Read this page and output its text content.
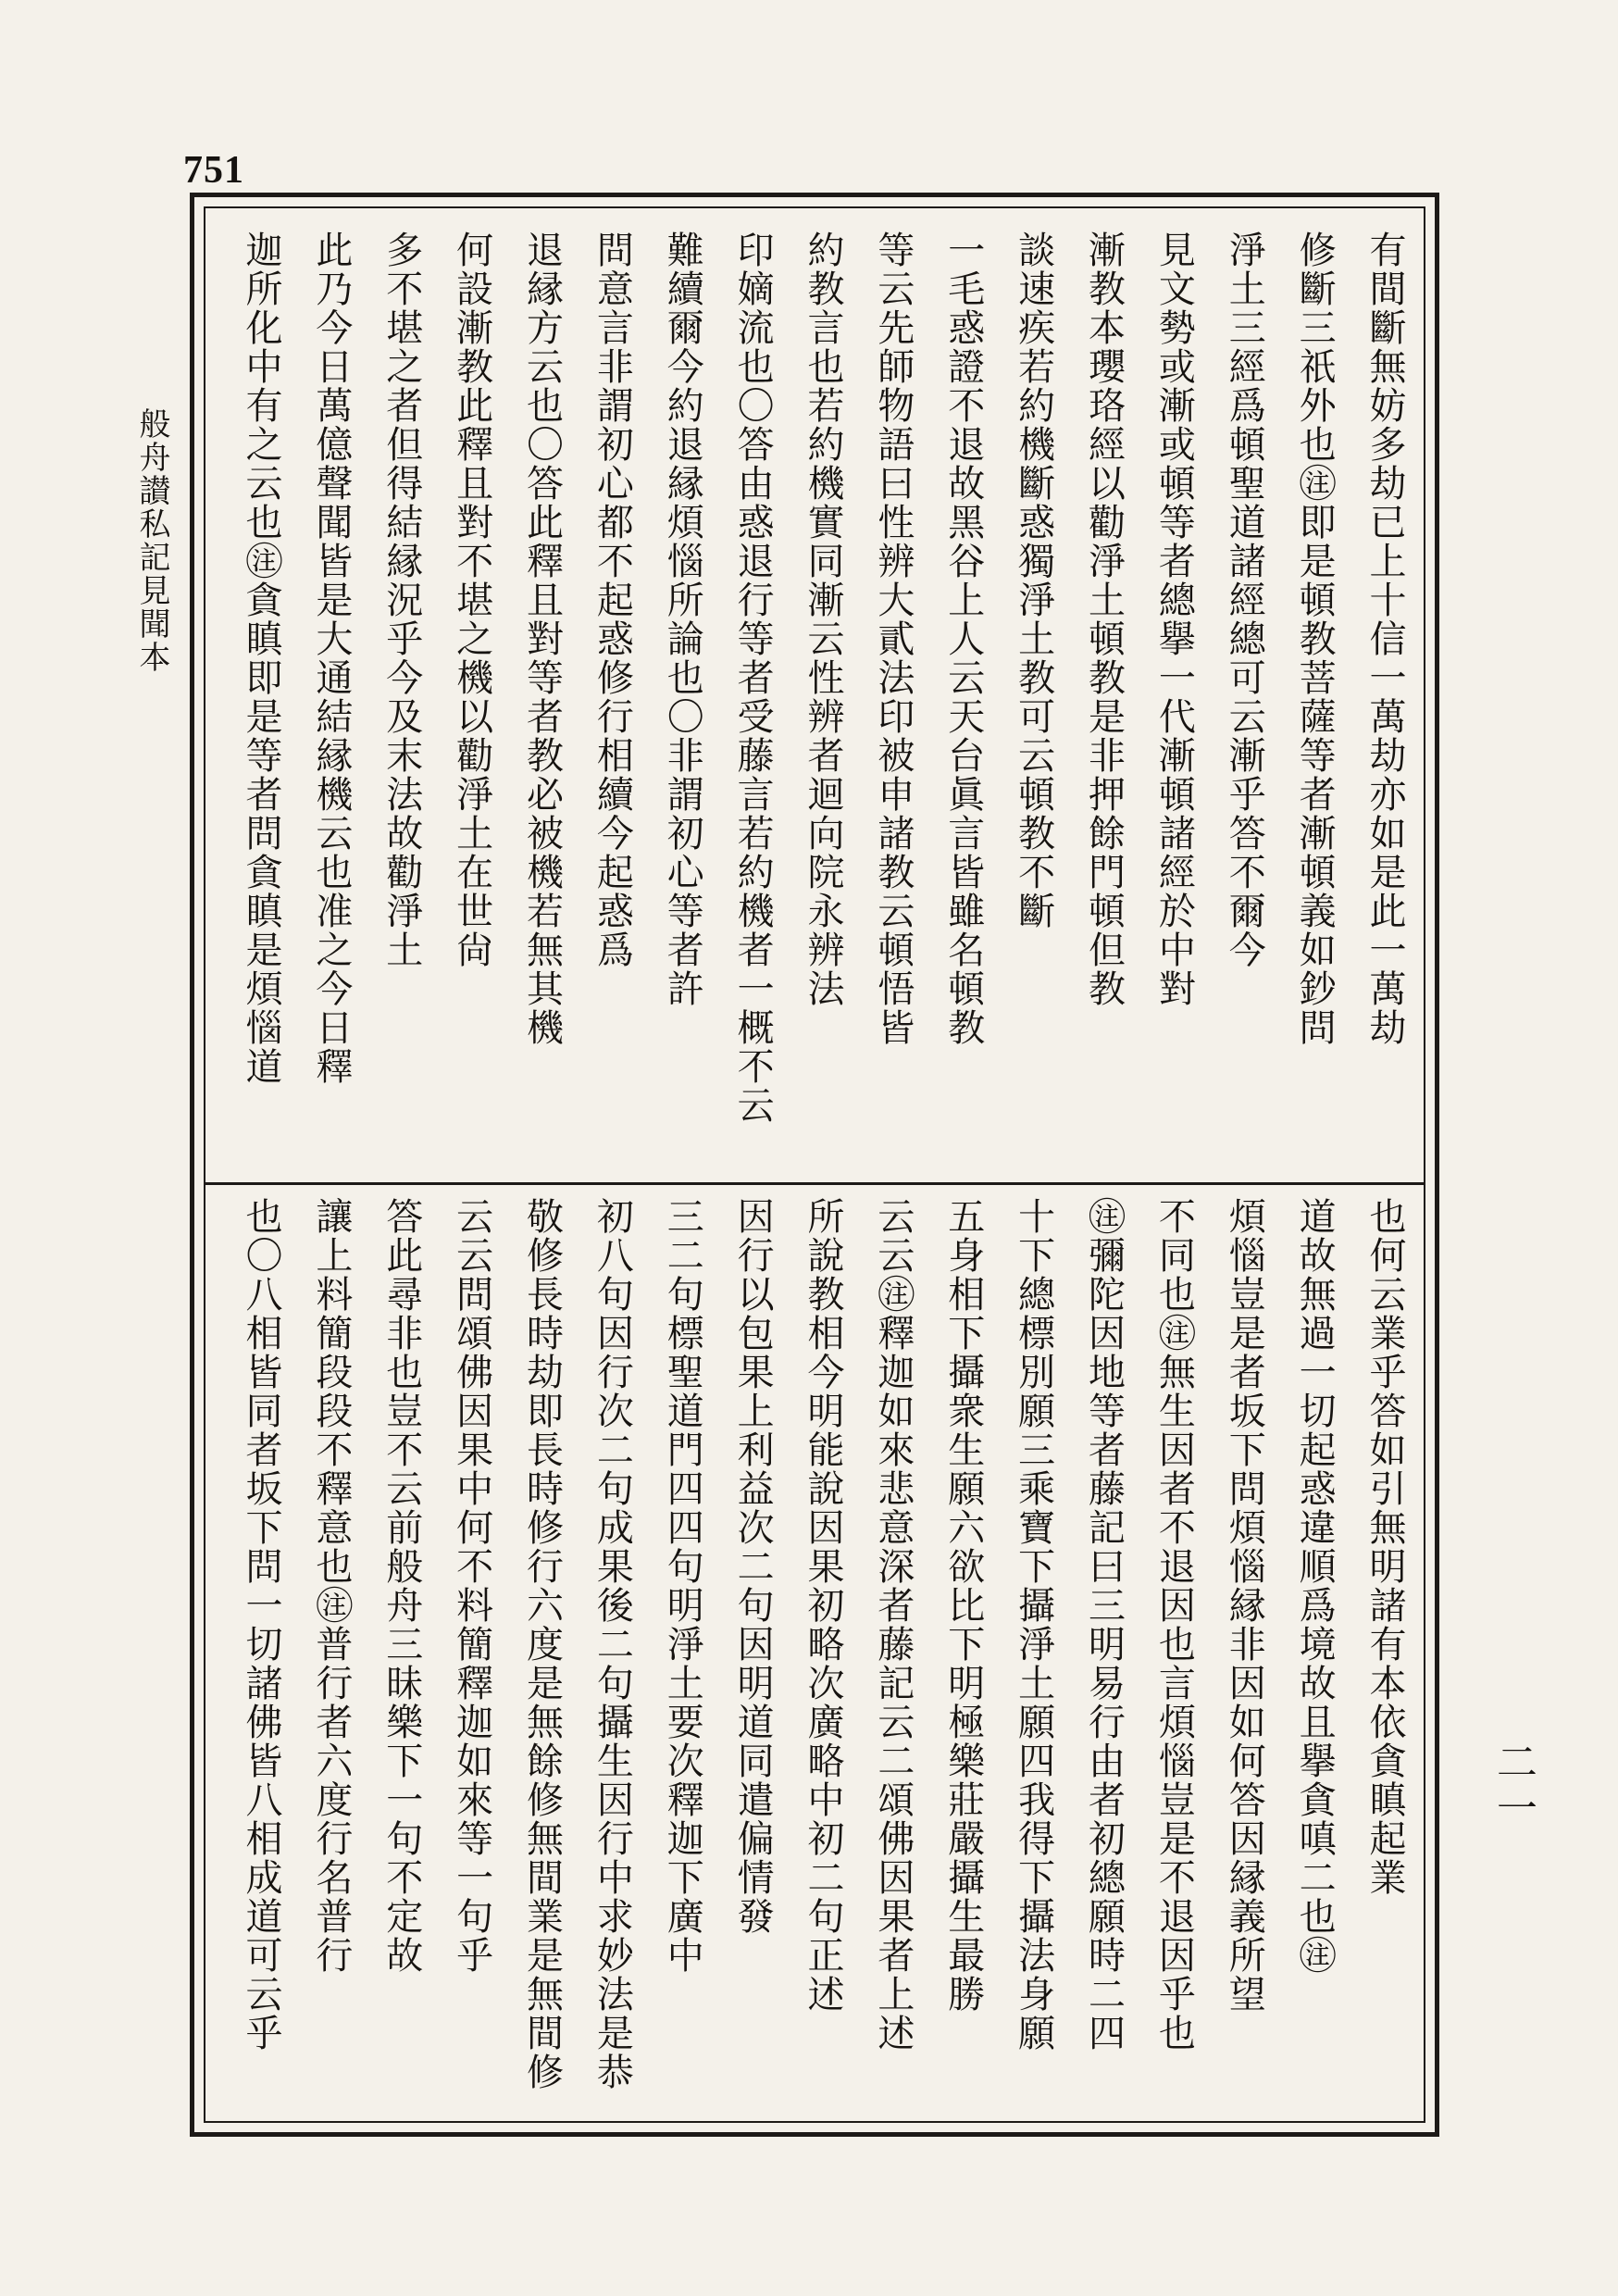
751
般舟讃私記見聞本
二一
有間斷無妨多劫已上十信一萬劫亦如是此一萬劫
修斷三祇外也㊟即是頓教菩薩等者漸頓義如鈔問
淨土三經爲頓聖道諸經總可云漸乎答不爾今
見文勢或漸或頓等者總擧一代漸頓諸經於中對
漸教本瓔珞經以勸淨土頓教是非押餘門頓但教
談速疾若約機斷惑獨淨土教可云頓教不斷
一毛惑證不退故黑谷上人云天台眞言皆雖名頓教
等云先師物語曰性辨大貳法印被申諸教云頓悟皆
約教言也若約機實同漸云性辨者迴向院永辨法
印嫡流也〇答由惑退行等者受藤言若約機者一概不云
難續爾今約退縁煩惱所論也〇非謂初心等者許
問意言非謂初心都不起惑修行相續今起惑爲
退縁方云也〇答此釋且對等者教必被機若無其機
何設漸教此釋且對不堪之機以勸淨土在世尙
多不堪之者但得結縁況乎今及末法故勸淨土
此乃今日萬億聲聞皆是大通結縁機云也准之今日釋
迦所化中有之云也㊟貪瞋即是等者問貪瞋是煩惱道
也何云業乎答如引無明諸有本依貪瞋起業
道故無過一切起惑違順爲境故且擧貪嗔二也㊟
煩惱豈是者坂下問煩惱縁非因如何答因縁義所望
不同也㊟無生因者不退因也言煩惱豈是不退因乎也
㊟彌陀因地等者藤記曰三明易行由者初總願時二四
十下總標別願三乘寶下攝淨土願四我得下攝法身願
五身相下攝衆生願六欲比下明極樂莊嚴攝生最勝
云云㊟釋迦如來悲意深者藤記云二頌佛因果者上述
所說教相今明能說因果初略次廣略中初二句正述
因行以包果上利益次二句因明道同遣偏情發
三二句標聖道門四四句明淨土要次釋迦下廣中
初八句因行次二句成果後二句攝生因行中求妙法是恭
敬修長時劫即長時修行六度是無餘修無間業是無間修
云云問頌佛因果中何不料簡釋迦如來等一句乎
答此尋非也豈不云前般舟三昧樂下一句不定故
讓上料簡段段不釋意也㊟普行者六度行名普行
也〇八相皆同者坂下問一切諸佛皆八相成道可云乎
